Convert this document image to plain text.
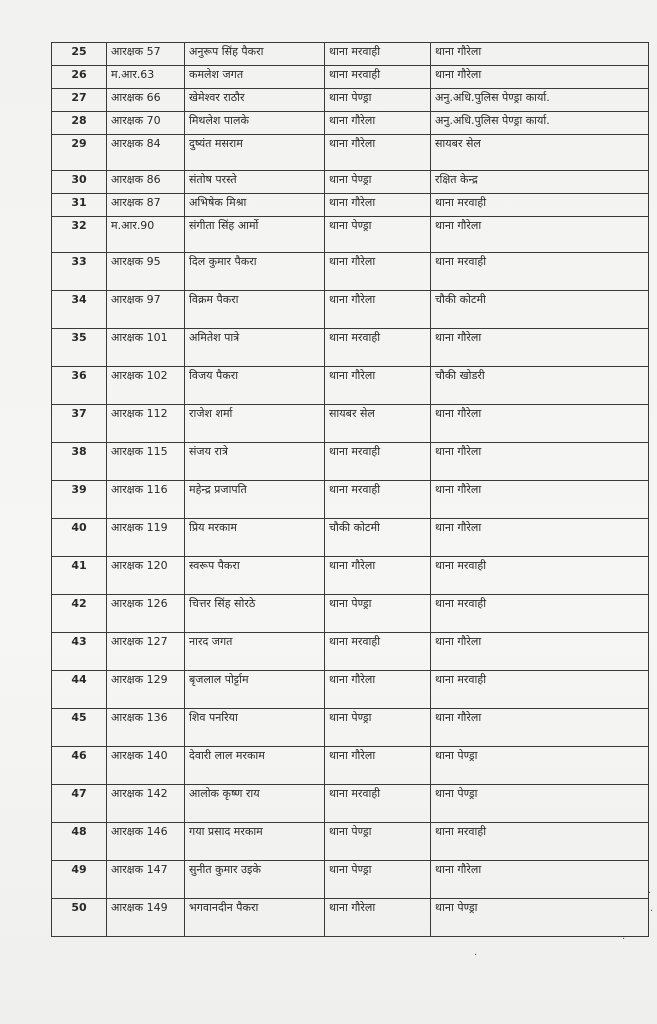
25	आरक्षक 57	अनुरूप सिंह पैकरा	थाना मरवाही	थाना गौरेला
26	म.आर.63	कमलेश जगत	थाना मरवाही	थाना गौरेला
27	आरक्षक 66	खेमेश्वर राठौर	थाना पेण्ड्रा	अनु.अधि.पुलिस पेण्ड्रा कार्या.
28	आरक्षक 70	मिथलेश पालके	थाना गौरेला	अनु.अधि.पुलिस पेण्ड्रा कार्या.
29	आरक्षक 84	दुष्यंत मसराम	थाना गौरेला	सायबर सेल
30	आरक्षक 86	संतोष परस्ते	थाना पेण्ड्रा	रक्षित केन्द्र
31	आरक्षक 87	अभिषेक मिश्रा	थाना गौरेला	थाना मरवाही
32	म.आर.90	संगीता सिंह आर्मो	थाना पेण्ड्रा	थाना गौरेला
33	आरक्षक 95	दिल कुमार पैकरा	थाना गौरेला	थाना मरवाही
34	आरक्षक 97	विक्रम पैकरा	थाना गौरेला	चौकी कोटमी
35	आरक्षक 101	अमितेश पात्रे	थाना मरवाही	थाना गौरेला
36	आरक्षक 102	विजय पैकरा	थाना गौरेला	चौकी खोडरी
37	आरक्षक 112	राजेश शर्मा	सायबर सेल	थाना गौरेला
38	आरक्षक 115	संजय रात्रे	थाना मरवाही	थाना गौरेला
39	आरक्षक 116	महेन्द्र प्रजापति	थाना मरवाही	थाना गौरेला
40	आरक्षक 119	प्रिय मरकाम	चौकी कोटमी	थाना गौरेला
41	आरक्षक 120	स्वरूप पैकरा	थाना गौरेला	थाना मरवाही
42	आरक्षक 126	चित्तर सिंह सोरठे	थाना पेण्ड्रा	थाना मरवाही
43	आरक्षक 127	नारद जगत	थाना मरवाही	थाना गौरेला
44	आरक्षक 129	बृजलाल पोर्ट्टाम	थाना गौरेला	थाना मरवाही
45	आरक्षक 136	शिव पनरिया	थाना पेण्ड्रा	थाना गौरेला
46	आरक्षक 140	देवारी लाल मरकाम	थाना गौरेला	थाना पेण्ड्रा
47	आरक्षक 142	आलोक कृष्ण राय	थाना मरवाही	थाना पेण्ड्रा
48	आरक्षक 146	गया प्रसाद मरकाम	थाना पेण्ड्रा	थाना मरवाही
49	आरक्षक 147	सुनीत कुमार उइके	थाना पेण्ड्रा	थाना गौरेला
50	आरक्षक 149	भगवानदीन पैकरा	थाना गौरेला	थाना पेण्ड्रा
·
·
·
·
